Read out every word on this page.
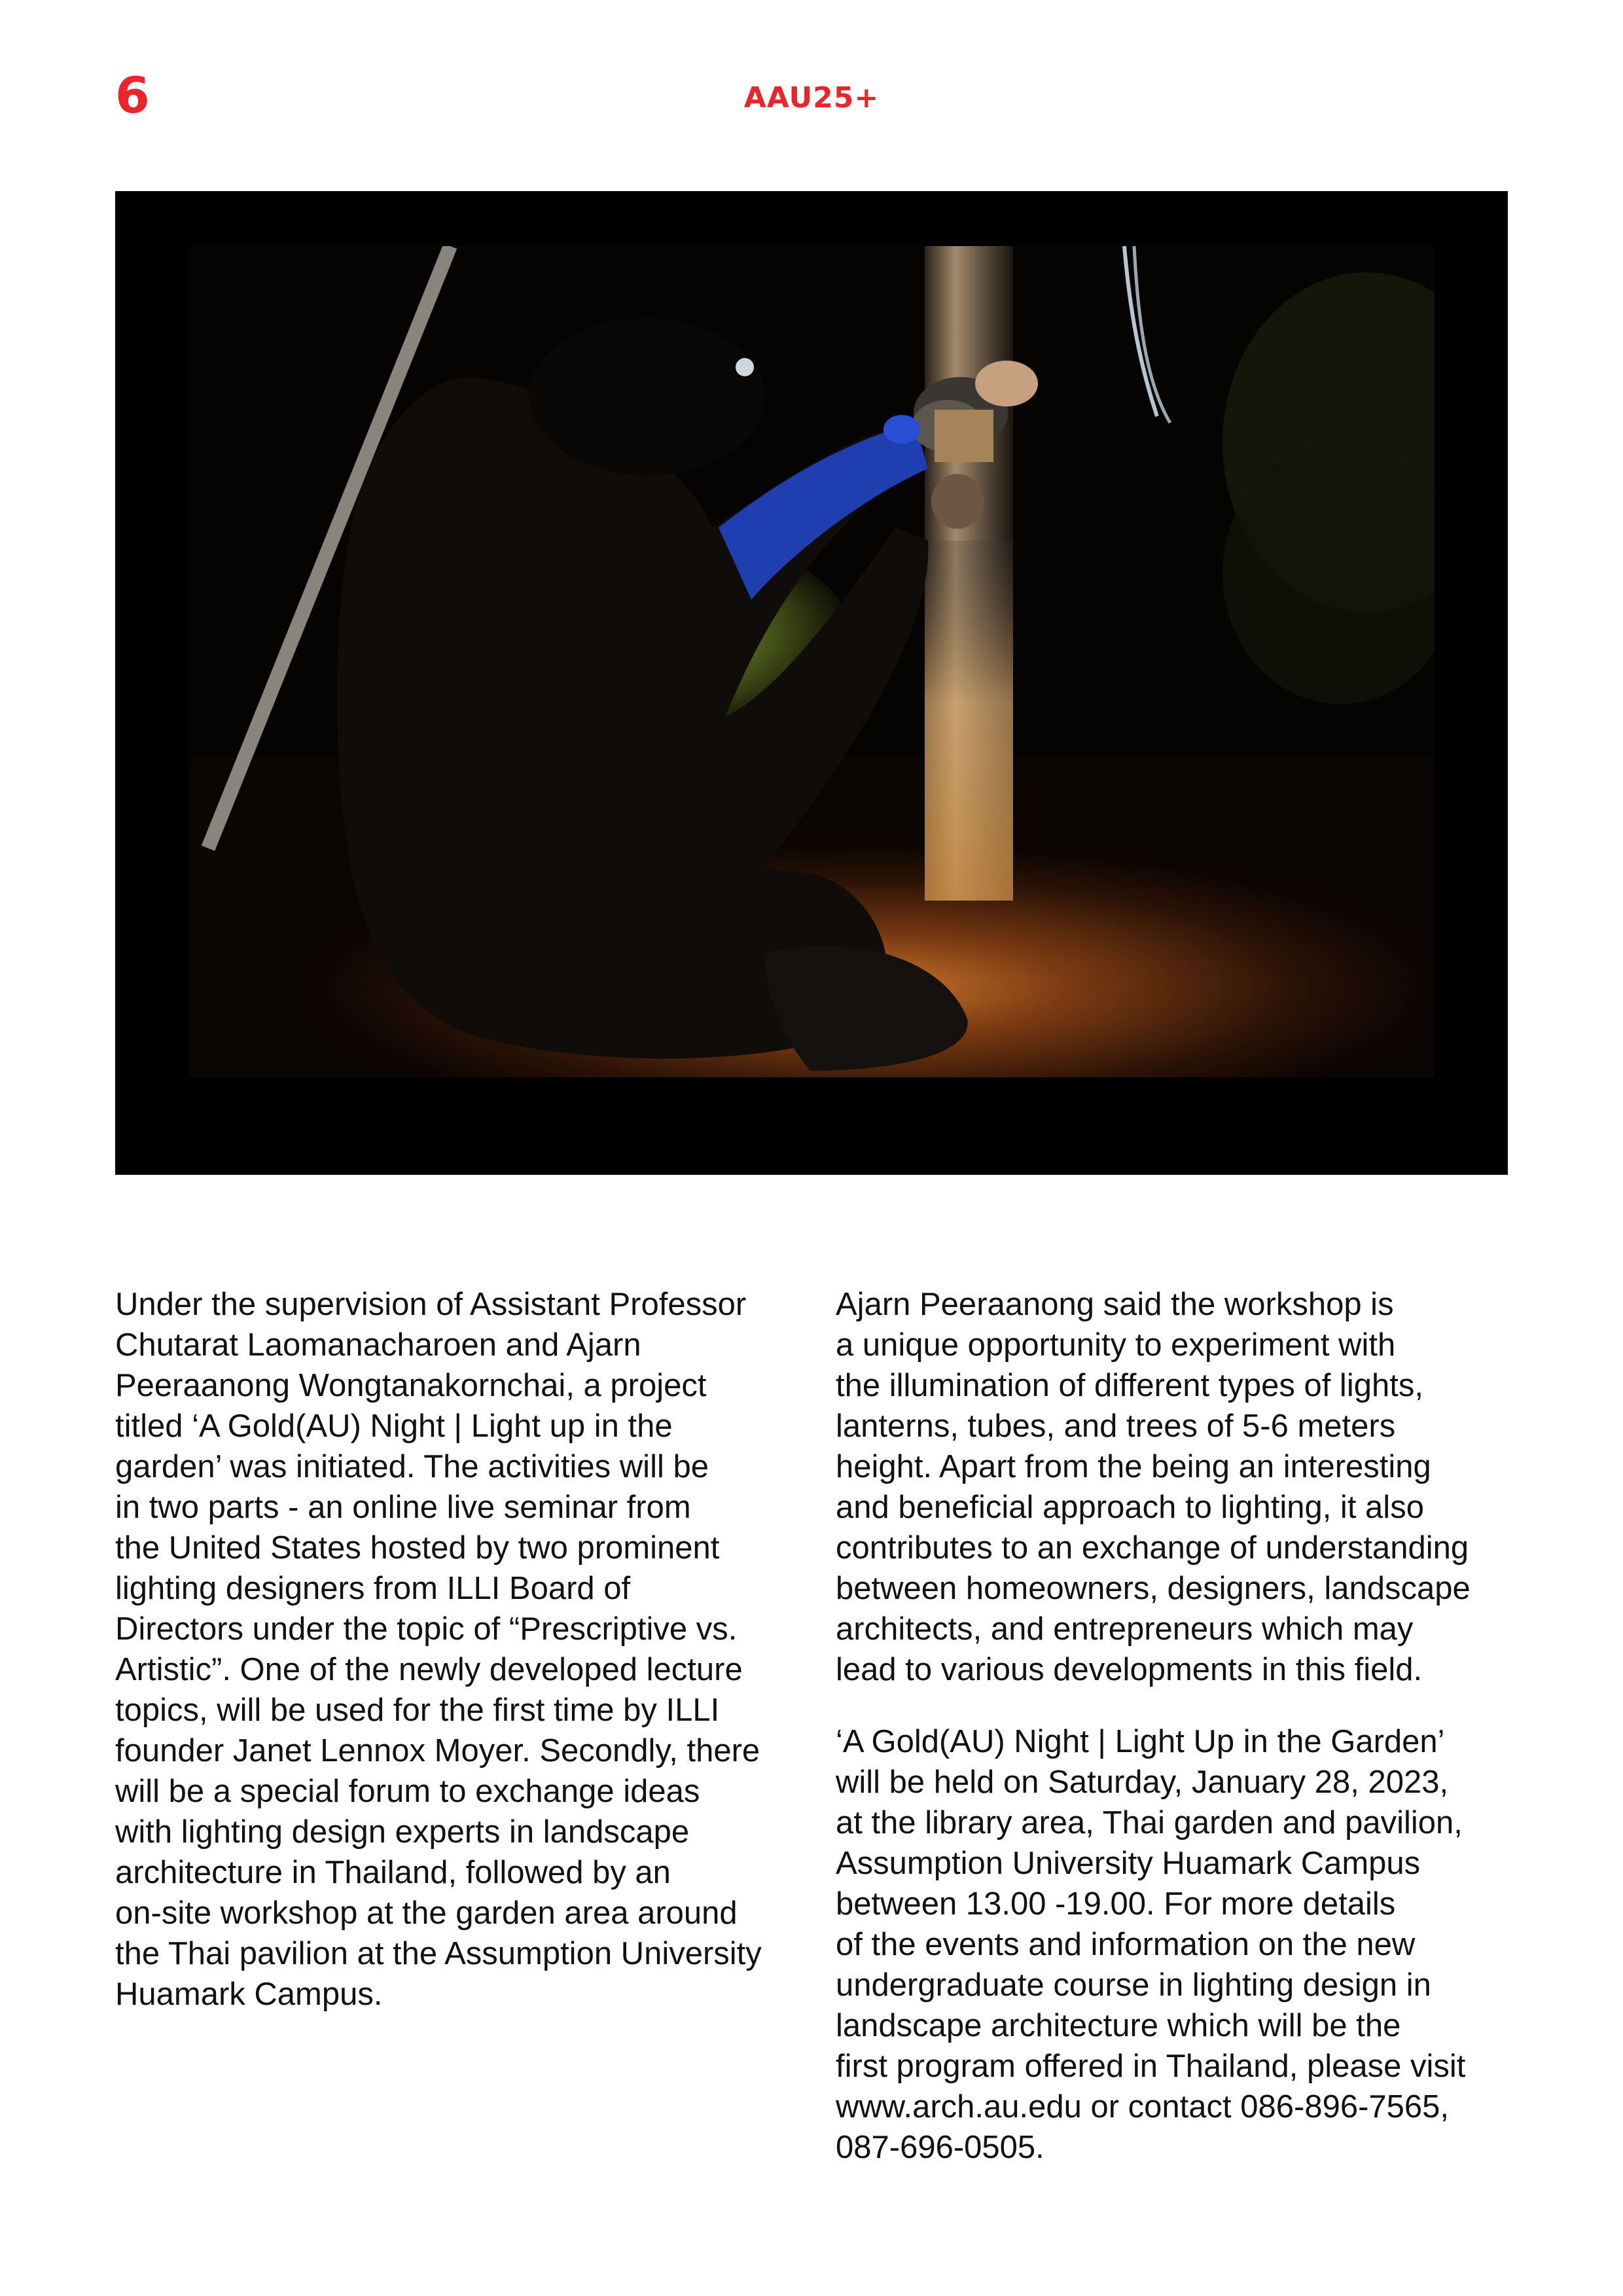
6	AAU25+

Under the supervision of Assistant Professor
Chutarat Laomanacharoen and Ajarn
Peeraanong Wongtanakornchai, a project
titled ‘A Gold(AU) Night | Light up in the
garden’ was initiated. The activities will be
in two parts - an online live seminar from
the United States hosted by two prominent
lighting designers from ILLI Board of
Directors under the topic of “Prescriptive vs.
Artistic”. One of the newly developed lecture
topics, will be used for the first time by ILLI
founder Janet Lennox Moyer. Secondly, there
will be a special forum to exchange ideas
with lighting design experts in landscape
architecture in Thailand, followed by an
on-site workshop at the garden area around
the Thai pavilion at the Assumption University
Huamark Campus.

Ajarn Peeraanong said the workshop is
a unique opportunity to experiment with
the illumination of different types of lights,
lanterns, tubes, and trees of 5-6 meters
height. Apart from the being an interesting
and beneficial approach to lighting, it also
contributes to an exchange of understanding
between homeowners, designers, landscape
architects, and entrepreneurs which may
lead to various developments in this field.

‘A Gold(AU) Night | Light Up in the Garden’
will be held on Saturday, January 28, 2023,
at the library area, Thai garden and pavilion,
Assumption University Huamark Campus
between 13.00 -19.00. For more details
of the events and information on the new
undergraduate course in lighting design in
landscape architecture which will be the
first program offered in Thailand, please visit
www.arch.au.edu or contact 086-896-7565,
087-696-0505.
